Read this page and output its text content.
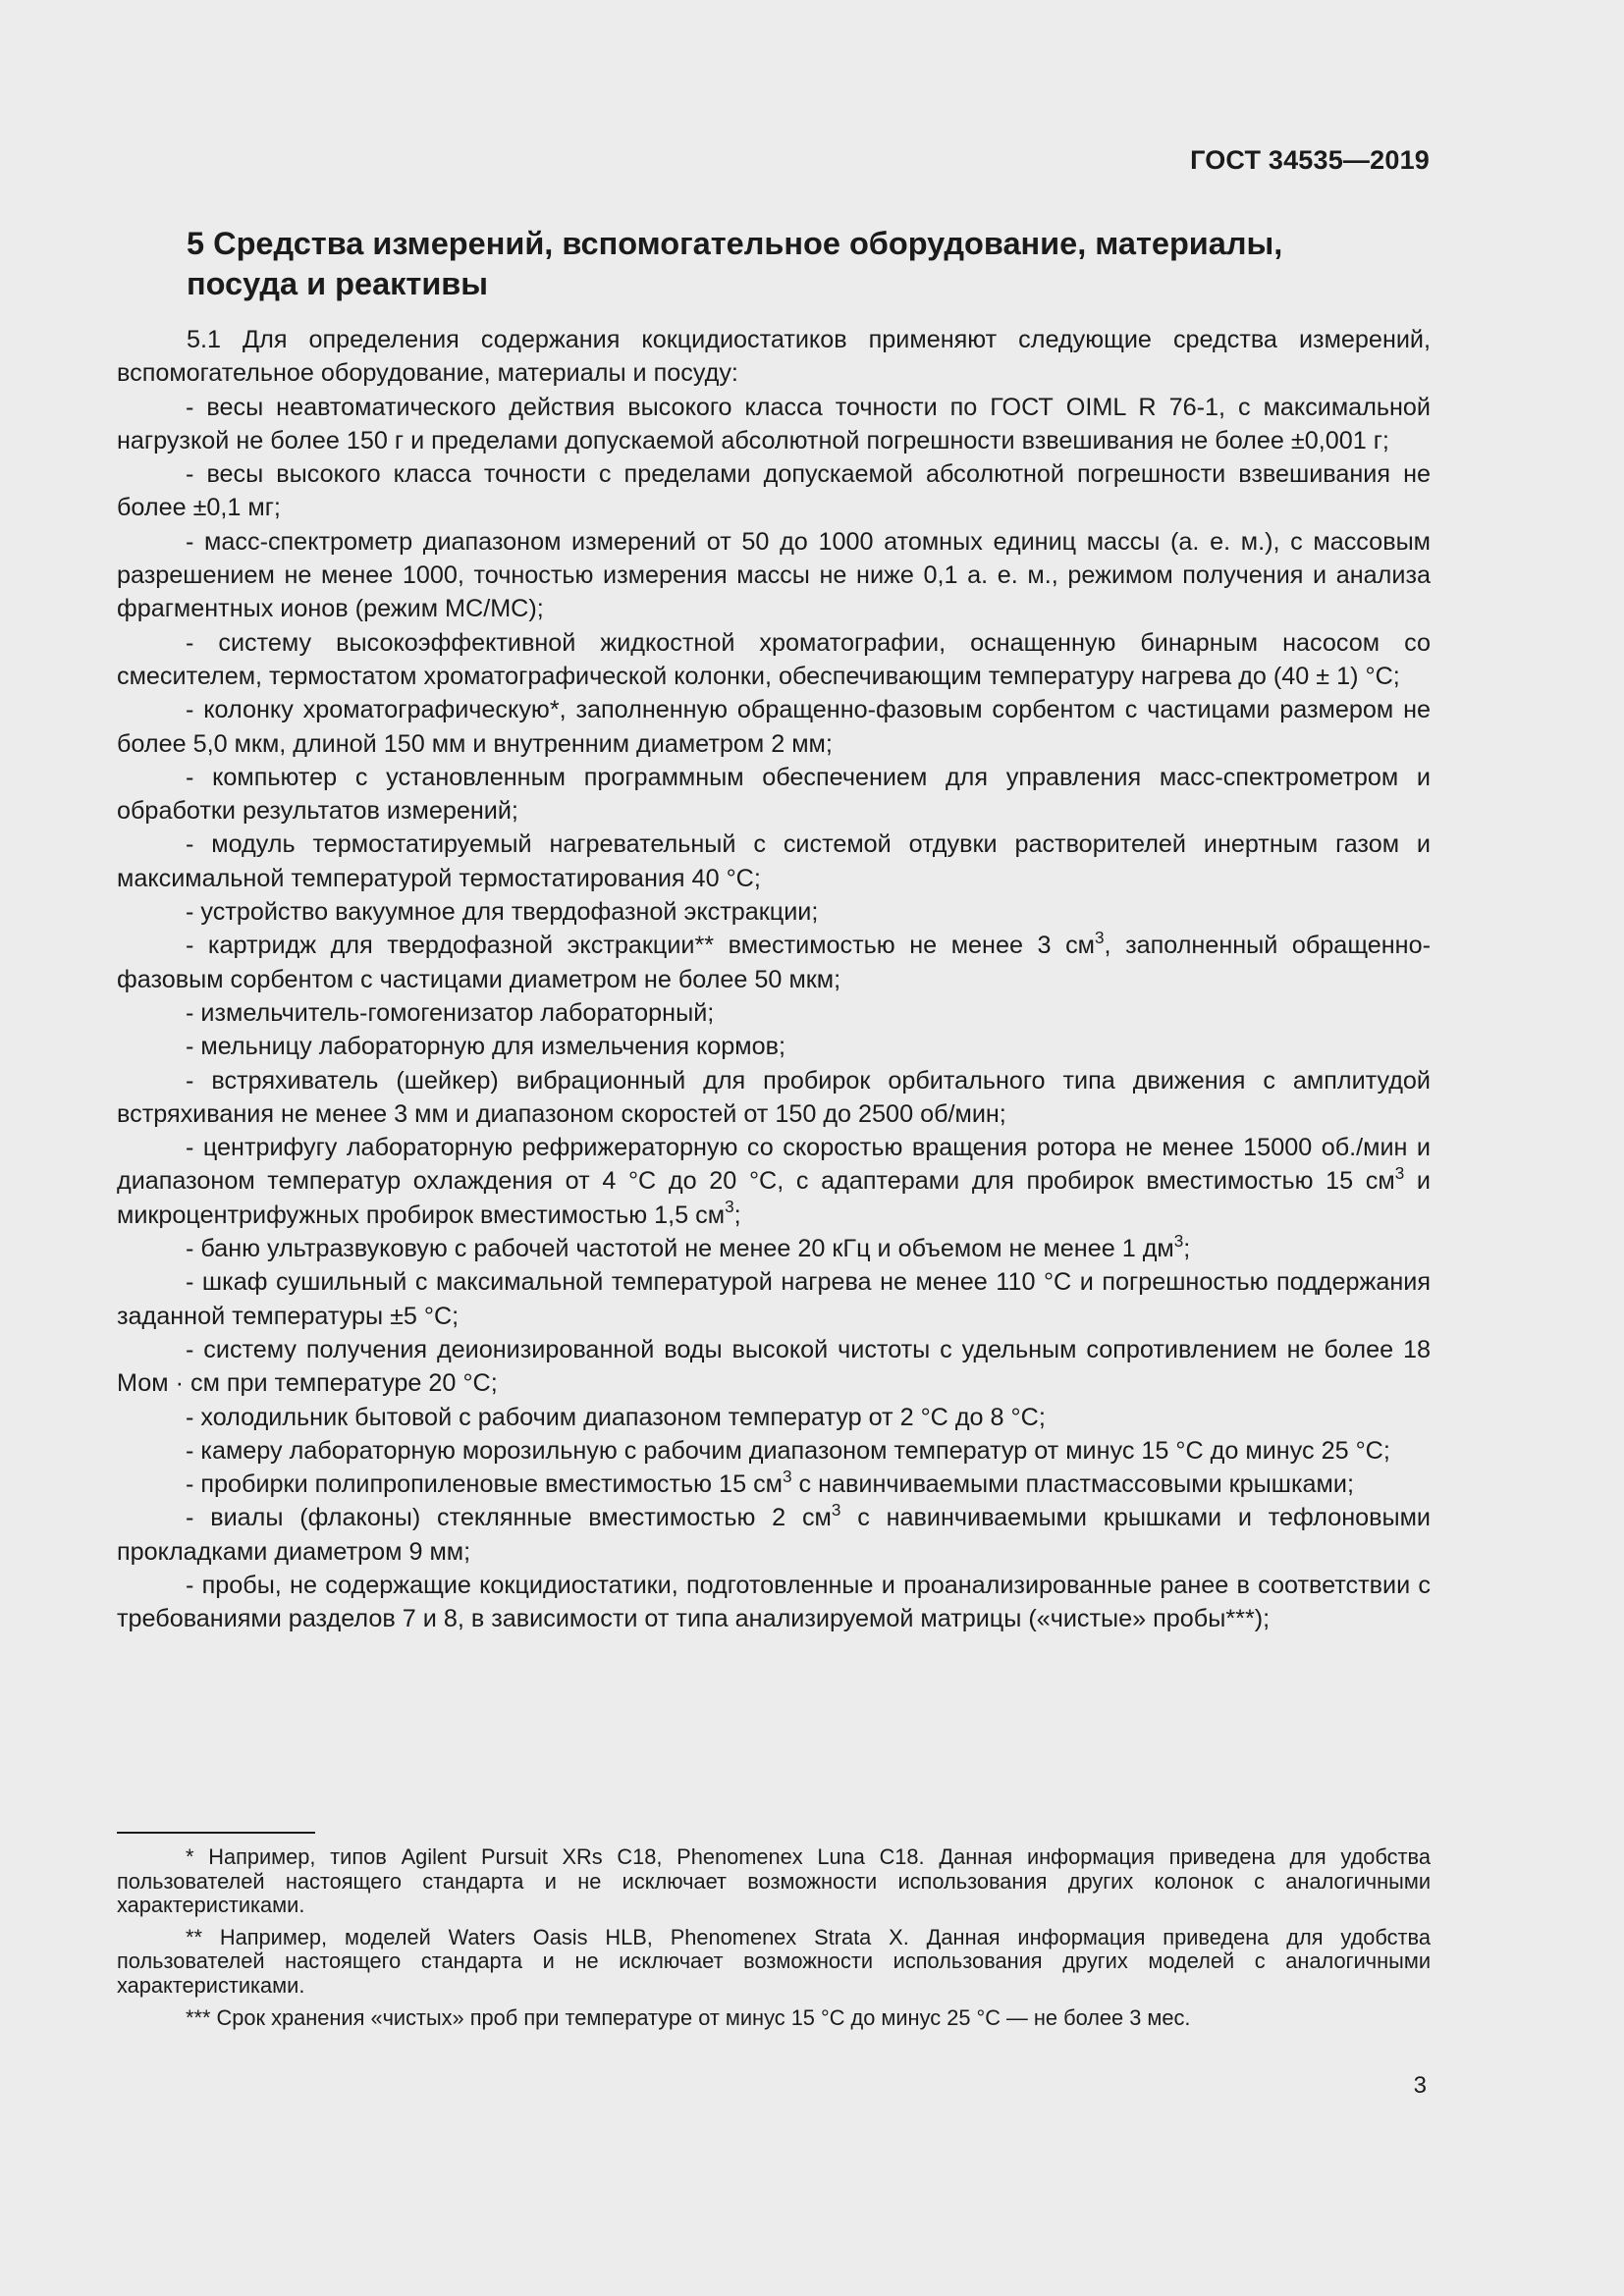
ГОСТ 34535—2019
5 Средства измерений, вспомогательное оборудование, материалы, посуда и реактивы

5.1 Для определения содержания кокцидиостатиков применяют следующие средства измерений, вспомогательное оборудование, материалы и посуду:

- весы неавтоматического действия высокого класса точности по ГОСТ OIML R 76-1, с максимальной нагрузкой не более 150 г и пределами допускаемой абсолютной погрешности взвешивания не более ±0,001 г;

- весы высокого класса точности с пределами допускаемой абсолютной погрешности взвешивания не более ±0,1 мг;

- масс-спектрометр диапазоном измерений от 50 до 1000 атомных единиц массы (а. е. м.), с массовым разрешением не менее 1000, точностью измерения массы не ниже 0,1 а. е. м., режимом получения и анализа фрагментных ионов (режим МС/МС);

- систему высокоэффективной жидкостной хроматографии, оснащенную бинарным насосом со смесителем, термостатом хроматографической колонки, обеспечивающим температуру нагрева до (40 ± 1) °С;

- колонку хроматографическую*, заполненную обращенно-фазовым сорбентом с частицами размером не более 5,0 мкм, длиной 150 мм и внутренним диаметром 2 мм;

- компьютер с установленным программным обеспечением для управления масс-спектрометром и обработки результатов измерений;

- модуль термостатируемый нагревательный с системой отдувки растворителей инертным газом и максимальной температурой термостатирования 40 °С;

- устройство вакуумное для твердофазной экстракции;

- картридж для твердофазной экстракции** вместимостью не менее 3 $см^3$, заполненный обращенно-фазовым сорбентом с частицами диаметром не более 50 мкм;

- измельчитель-гомогенизатор лабораторный;

- мельницу лабораторную для измельчения кормов;

- встряхиватель (шейкер) вибрационный для пробирок орбитального типа движения с амплитудой встряхивания не менее 3 мм и диапазоном скоростей от 150 до 2500 об/мин;

- центрифугу лабораторную рефрижераторную со скоростью вращения ротора не менее 15000 об./мин и диапазоном температур охлаждения от 4 °С до 20 °С, с адаптерами для пробирок вместимостью 15 $см^3$ и микроцентрифужных пробирок вместимостью 1,5 $см^3$;

- баню ультразвуковую с рабочей частотой не менее 20 кГц и объемом не менее 1 $дм^3$;

- шкаф сушильный с максимальной температурой нагрева не менее 110 °С и погрешностью поддержания заданной температуры ±5 °С;

- систему получения деионизированной воды высокой чистоты с удельным сопротивлением не более 18 Мом · см при температуре 20 °С;

- холодильник бытовой с рабочим диапазоном температур от 2 °С до 8 °С;

- камеру лабораторную морозильную с рабочим диапазоном температур от минус 15 °С до минус 25 °С;

- пробирки полипропиленовые вместимостью 15 $см^3$ с навинчиваемыми пластмассовыми крышками;

- виалы (флаконы) стеклянные вместимостью 2 $см^3$ с навинчиваемыми крышками и тефлоновыми прокладками диаметром 9 мм;

- пробы, не содержащие кокцидиостатики, подготовленные и проанализированные ранее в соответствии с требованиями разделов 7 и 8, в зависимости от типа анализируемой матрицы («чистые» пробы***);

* Например, типов Agilent Pursuit XRs C18, Phenomenex Luna C18. Данная информация приведена для удобства пользователей настоящего стандарта и не исключает возможности использования других колонок с аналогичными характеристиками.

** Например, моделей Waters Oasis HLB, Phenomenex Strata X. Данная информация приведена для удобства пользователей настоящего стандарта и не исключает возможности использования других моделей с аналогичными характеристиками.

*** Срок хранения «чистых» проб при температуре от минус 15 °С до минус 25 °С — не более 3 мес.

3
